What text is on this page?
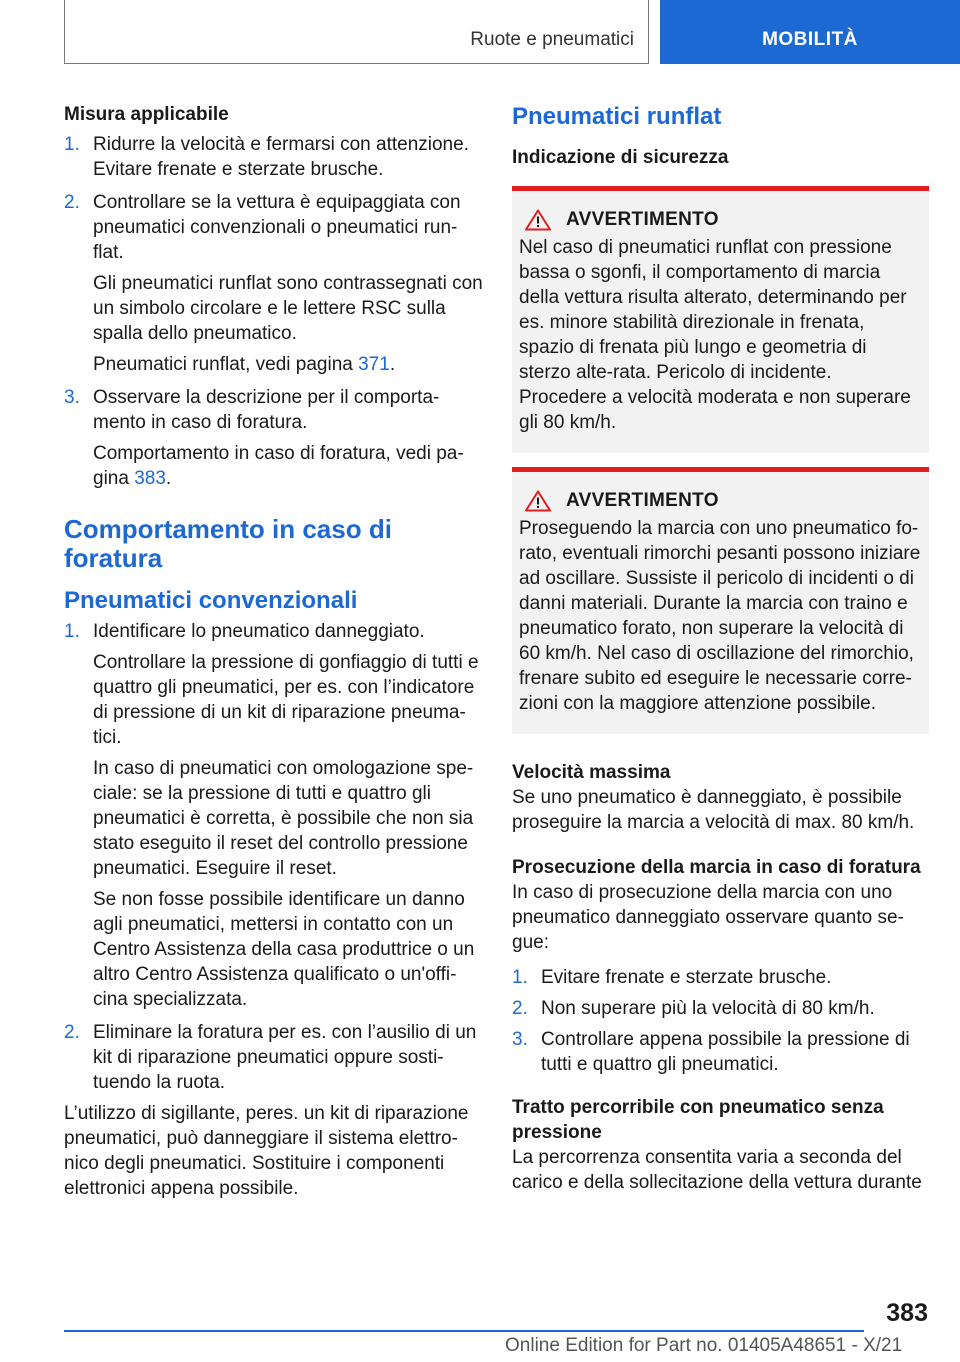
Ruote e pneumatici	MOBILITÀ

Misura applicabile

1. Ridurre la velocità e fermarsi con attenzione. Evitare frenate e sterzate brusche.

2. Controllare se la vettura è equipaggiata con pneumatici convenzionali o pneumatici run‐flat.

Gli pneumatici runflat sono contrassegnati con un simbolo circolare e le lettere RSC sulla spalla dello pneumatico.

Pneumatici runflat, vedi pagina 371.

3. Osservare la descrizione per il comporta‐mento in caso di foratura.

Comportamento in caso di foratura, vedi pa‐gina 383.

Comportamento in caso di foratura
Pneumatici convenzionali
1. Identificare lo pneumatico danneggiato.

Controllare la pressione di gonfiaggio di tutti e quattro gli pneumatici, per es. con l’indicatore di pressione di un kit di riparazione pneuma‐tici.

In caso di pneumatici con omologazione spe‐ciale: se la pressione di tutti e quattro gli pneumatici è corretta, è possibile che non sia stato eseguito il reset del controllo pressione pneumatici. Eseguire il reset.

Se non fosse possibile identificare un danno agli pneumatici, mettersi in contatto con un Centro Assistenza della casa produttrice o un altro Centro Assistenza qualificato o un'offi‐cina specializzata.

2. Eliminare la foratura per es. con l’ausilio di un kit di riparazione pneumatici oppure sosti‐tuendo la ruota.

L’utilizzo di sigillante, peres. un kit di riparazione pneumatici, può danneggiare il sistema elettro‐nico degli pneumatici. Sostituire i componenti elettronici appena possibile.

Pneumatici runflat

Indicazione di sicurezza

AVVERTIMENTO
Nel caso di pneumatici runflat con pressione bassa o sgonfi, il comportamento di marcia della vettura risulta alterato, determinando per es. minore stabilità direzionale in frenata, spazio di frenata più lungo e geometria di sterzo alte‐rata. Pericolo di incidente. Procedere a velocità moderata e non superare gli 80 km/h.
AVVERTIMENTO
Proseguendo la marcia con uno pneumatico fo‐rato, eventuali rimorchi pesanti possono iniziare ad oscillare. Sussiste il pericolo di incidenti o di danni materiali. Durante la marcia con traino e pneumatico forato, non superare la velocità di 60 km/h. Nel caso di oscillazione del rimorchio, frenare subito ed eseguire le necessarie corre‐zioni con la maggiore attenzione possibile.

Velocità massima

Se uno pneumatico è danneggiato, è possibile proseguire la marcia a velocità di max. 80 km/h.

Prosecuzione della marcia in caso di foratura

In caso di prosecuzione della marcia con uno pneumatico danneggiato osservare quanto se‐gue:

1. Evitare frenate e sterzate brusche.

2. Non superare più la velocità di 80 km/h.

3. Controllare appena possibile la pressione di tutti e quattro gli pneumatici.

Tratto percorribile con pneumatico senza pressione

La percorrenza consentita varia a seconda del carico e della sollecitazione della vettura durante

383
Online Edition for Part no. 01405A48651 - X/21
